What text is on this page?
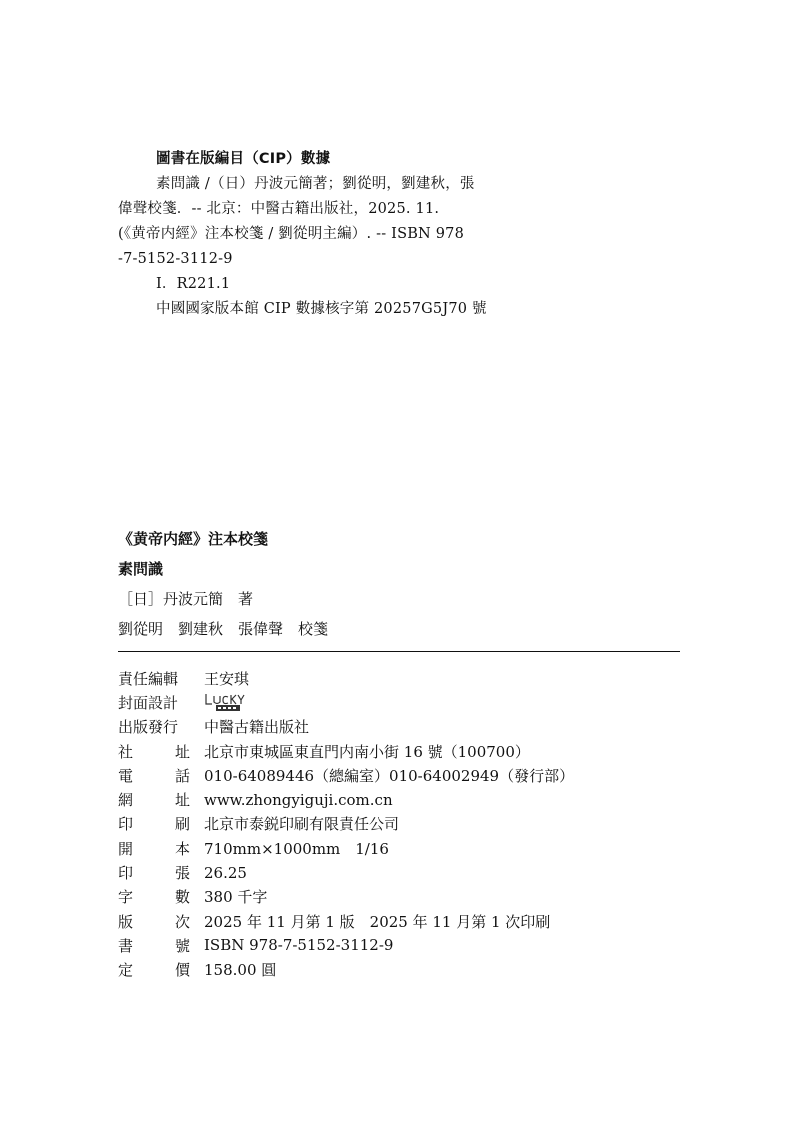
圖書在版編目（CIP）數據
素問識 /（日）丹波元簡著；劉從明，劉建秋，張
偉聲校箋．-- 北京：中醫古籍出版社，2025. 11.
(《黄帝内經》注本校箋 / 劉從明主編）. -- ISBN 978
-7-5152-3112-9
Ⅰ．R221.1
中國國家版本館 CIP 數據核字第 20257G5J70 號
《黄帝内經》注本校箋
素問識
［日］丹波元簡　著
劉從明　劉建秋　張偉聲　校箋
責任編輯 王安琪
封面設計
出版發行 中醫古籍出版社
社	址 北京市東城區東直門内南小街 16 號（100700）
電	話 010-64089446（總編室）010-64002949（發行部）
網	址 www.zhongyiguji.com.cn
印	刷 北京市泰鋭印刷有限責任公司
開	本 710mm×1000mm　1/16
印	張 26.25
字	數 380 千字
版	次 2025 年 11 月第 1 版　2025 年 11 月第 1 次印刷
書	號 ISBN 978-7-5152-3112-9
定	價 158.00 圓
